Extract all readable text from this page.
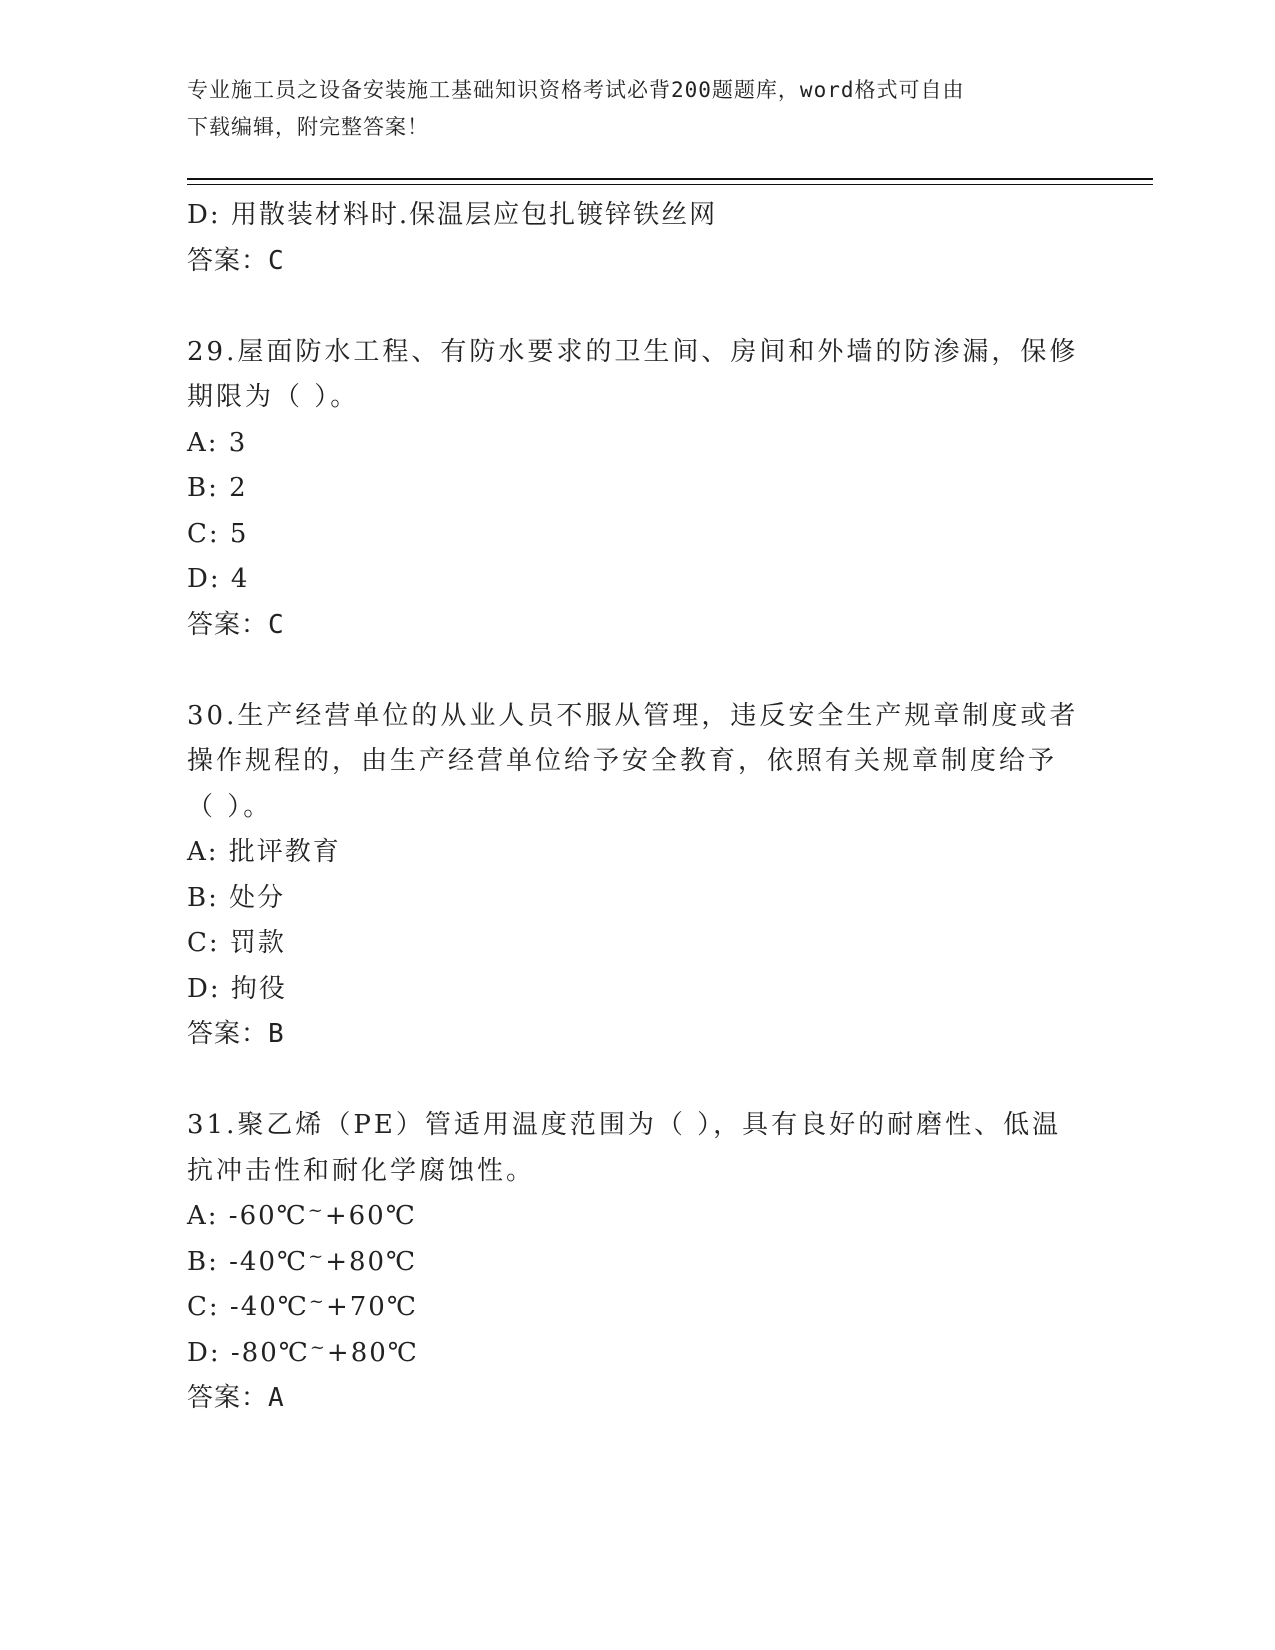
专业施工员之设备安装施工基础知识资格考试必背200题题库，word格式可自由
下载编辑，附完整答案！
D: 用散装材料时.保温层应包扎镀锌铁丝网
答案：C
29.屋面防水工程、有防水要求的卫生间、房间和外墙的防渗漏，保修
期限为（ ）。
A: 3
B: 2
C: 5
D: 4
答案：C
30.生产经营单位的从业人员不服从管理，违反安全生产规章制度或者
操作规程的，由生产经营单位给予安全教育，依照有关规章制度给予
（ ）。
A: 批评教育
B: 处分
C: 罚款
D: 拘役
答案：B
31.聚乙烯（PE）管适用温度范围为（ ），具有良好的耐磨性、低温
抗冲击性和耐化学腐蚀性。
A: -60℃~+60℃
B: -40℃~+80℃
C: -40℃~+70℃
D: -80℃~+80℃
答案：A
